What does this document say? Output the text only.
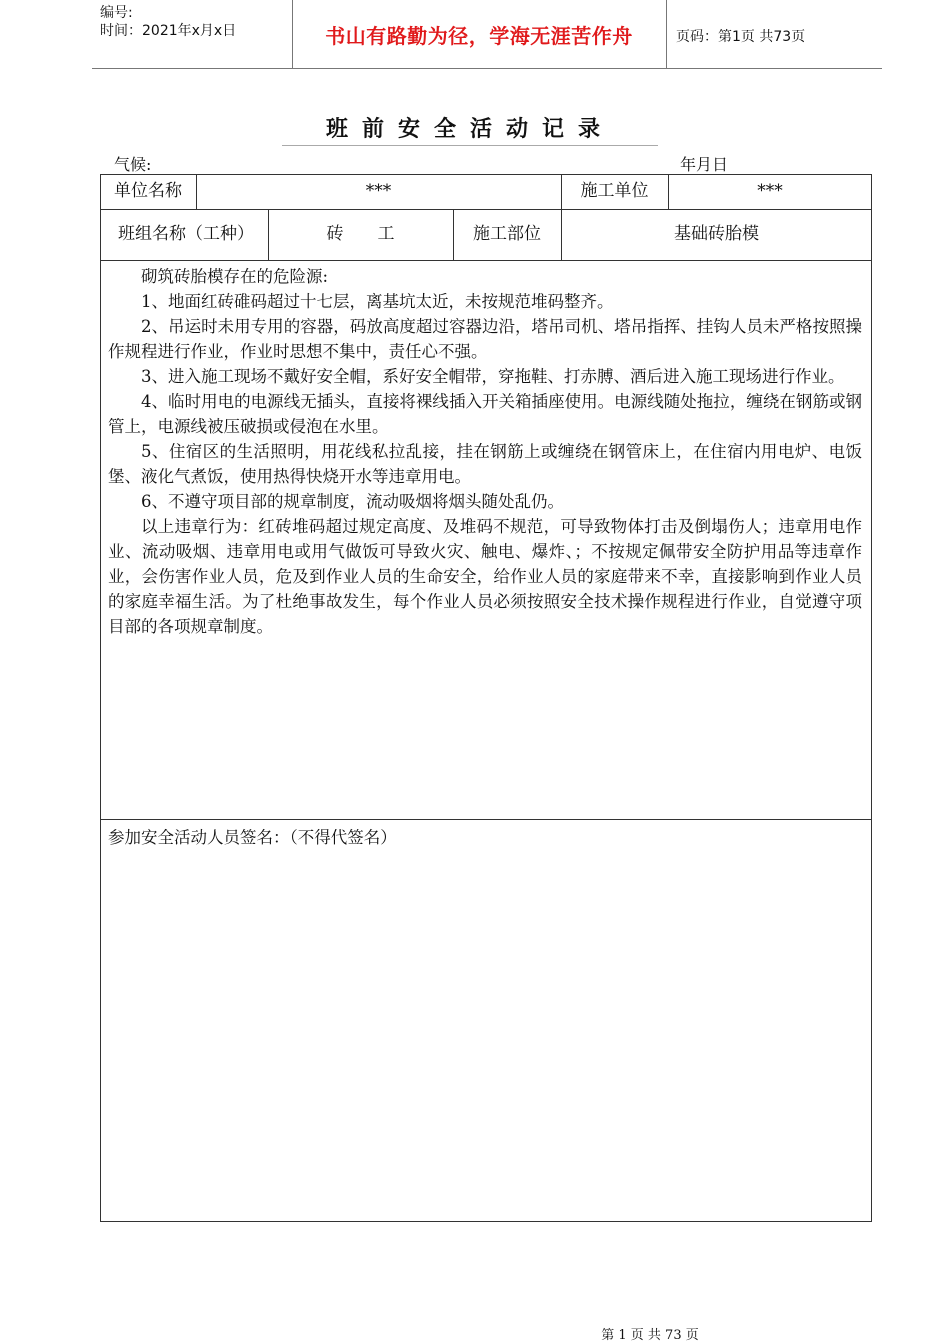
编号:
时间：2021年x月x日	书山有路勤为径，学海无涯苦作舟	页码：第1页 共73页
班前安全活动记录
气候:	年月日
单位名称	***	施工单位	***
班组名称（工种）	砖　　工	施工部位	基础砖胎模

砌筑砖胎模存在的危险源:

1、地面红砖碓码超过十七层，离基坑太近，未按规范堆码整齐。

2、吊运时未用专用的容器，码放高度超过容器边沿，塔吊司机、塔吊指挥、挂钩人员未严格按照操作规程进行作业，作业时思想不集中，责任心不强。

3、进入施工现场不戴好安全帽，系好安全帽带，穿拖鞋、打赤膊、酒后进入施工现场进行作业。

4、临时用电的电源线无插头，直接将裸线插入开关箱插座使用。电源线随处拖拉，缠绕在钢筋或钢管上，电源线被压破损或侵泡在水里。

5、住宿区的生活照明，用花线私拉乱接，挂在钢筋上或缠绕在钢管床上，在住宿内用电炉、电饭堡、液化气煮饭，使用热得快烧开水等违章用电。

6、不遵守项目部的规章制度，流动吸烟将烟头随处乱仍。

以上违章行为：红砖堆码超过规定高度、及堆码不规范，可导致物体打击及倒塌伤人；违章用电作业、流动吸烟、违章用电或用气做饭可导致火灾、触电、爆炸、；不按规定佩带安全防护用品等违章作业，会伤害作业人员，危及到作业人员的生命安全，给作业人员的家庭带来不幸，直接影响到作业人员的家庭幸福生活。为了杜绝事故发生，每个作业人员必须按照安全技术操作规程进行作业，自觉遵守项目部的各项规章制度。

参加安全活动人员签名：（不得代签名）
第 1 页 共 73 页
